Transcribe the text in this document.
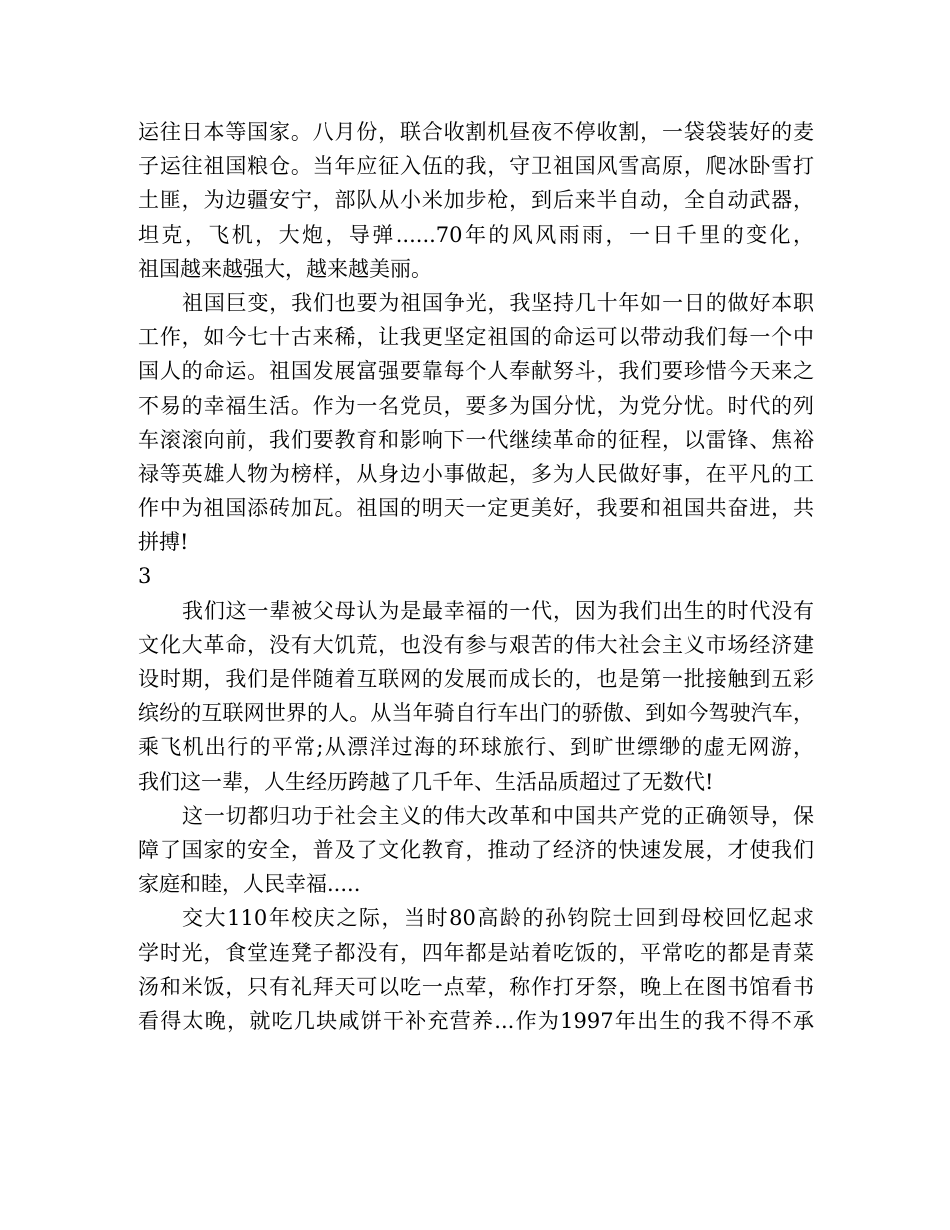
运往日本等国家。八月份，联合收割机昼夜不停收割，一袋袋装好的麦
子运往祖国粮仓。当年应征入伍的我，守卫祖国风雪高原，爬冰卧雪打
土匪，为边疆安宁，部队从小米加步枪，到后来半自动，全自动武器，
坦克，飞机，大炮，导弹......70年的风风雨雨，一日千里的变化，
祖国越来越强大，越来越美丽。
祖国巨变，我们也要为祖国争光，我坚持几十年如一日的做好本职
工作，如今七十古来稀，让我更坚定祖国的命运可以带动我们每一个中
国人的命运。祖国发展富强要靠每个人奉献努斗，我们要珍惜今天来之
不易的幸福生活。作为一名党员，要多为国分忧，为党分忧。时代的列
车滚滚向前，我们要教育和影响下一代继续革命的征程，以雷锋、焦裕
禄等英雄人物为榜样，从身边小事做起，多为人民做好事，在平凡的工
作中为祖国添砖加瓦。祖国的明天一定更美好，我要和祖国共奋进，共
拼搏!
3
我们这一辈被父母认为是最幸福的一代，因为我们出生的时代没有
文化大革命，没有大饥荒，也没有参与艰苦的伟大社会主义市场经济建
设时期，我们是伴随着互联网的发展而成长的，也是第一批接触到五彩
缤纷的互联网世界的人。从当年骑自行车出门的骄傲、到如今驾驶汽车，
乘飞机出行的平常;从漂洋过海的环球旅行、到旷世缥缈的虚无网游，
我们这一辈，人生经历跨越了几千年、生活品质超过了无数代!
这一切都归功于社会主义的伟大改革和中国共产党的正确领导，保
障了国家的安全，普及了文化教育，推动了经济的快速发展，才使我们
家庭和睦，人民幸福.....
交大110年校庆之际，当时80高龄的孙钧院士回到母校回忆起求
学时光，食堂连凳子都没有，四年都是站着吃饭的，平常吃的都是青菜
汤和米饭，只有礼拜天可以吃一点荤，称作打牙祭，晚上在图书馆看书
看得太晚，就吃几块咸饼干补充营养...作为1997年出生的我不得不承
